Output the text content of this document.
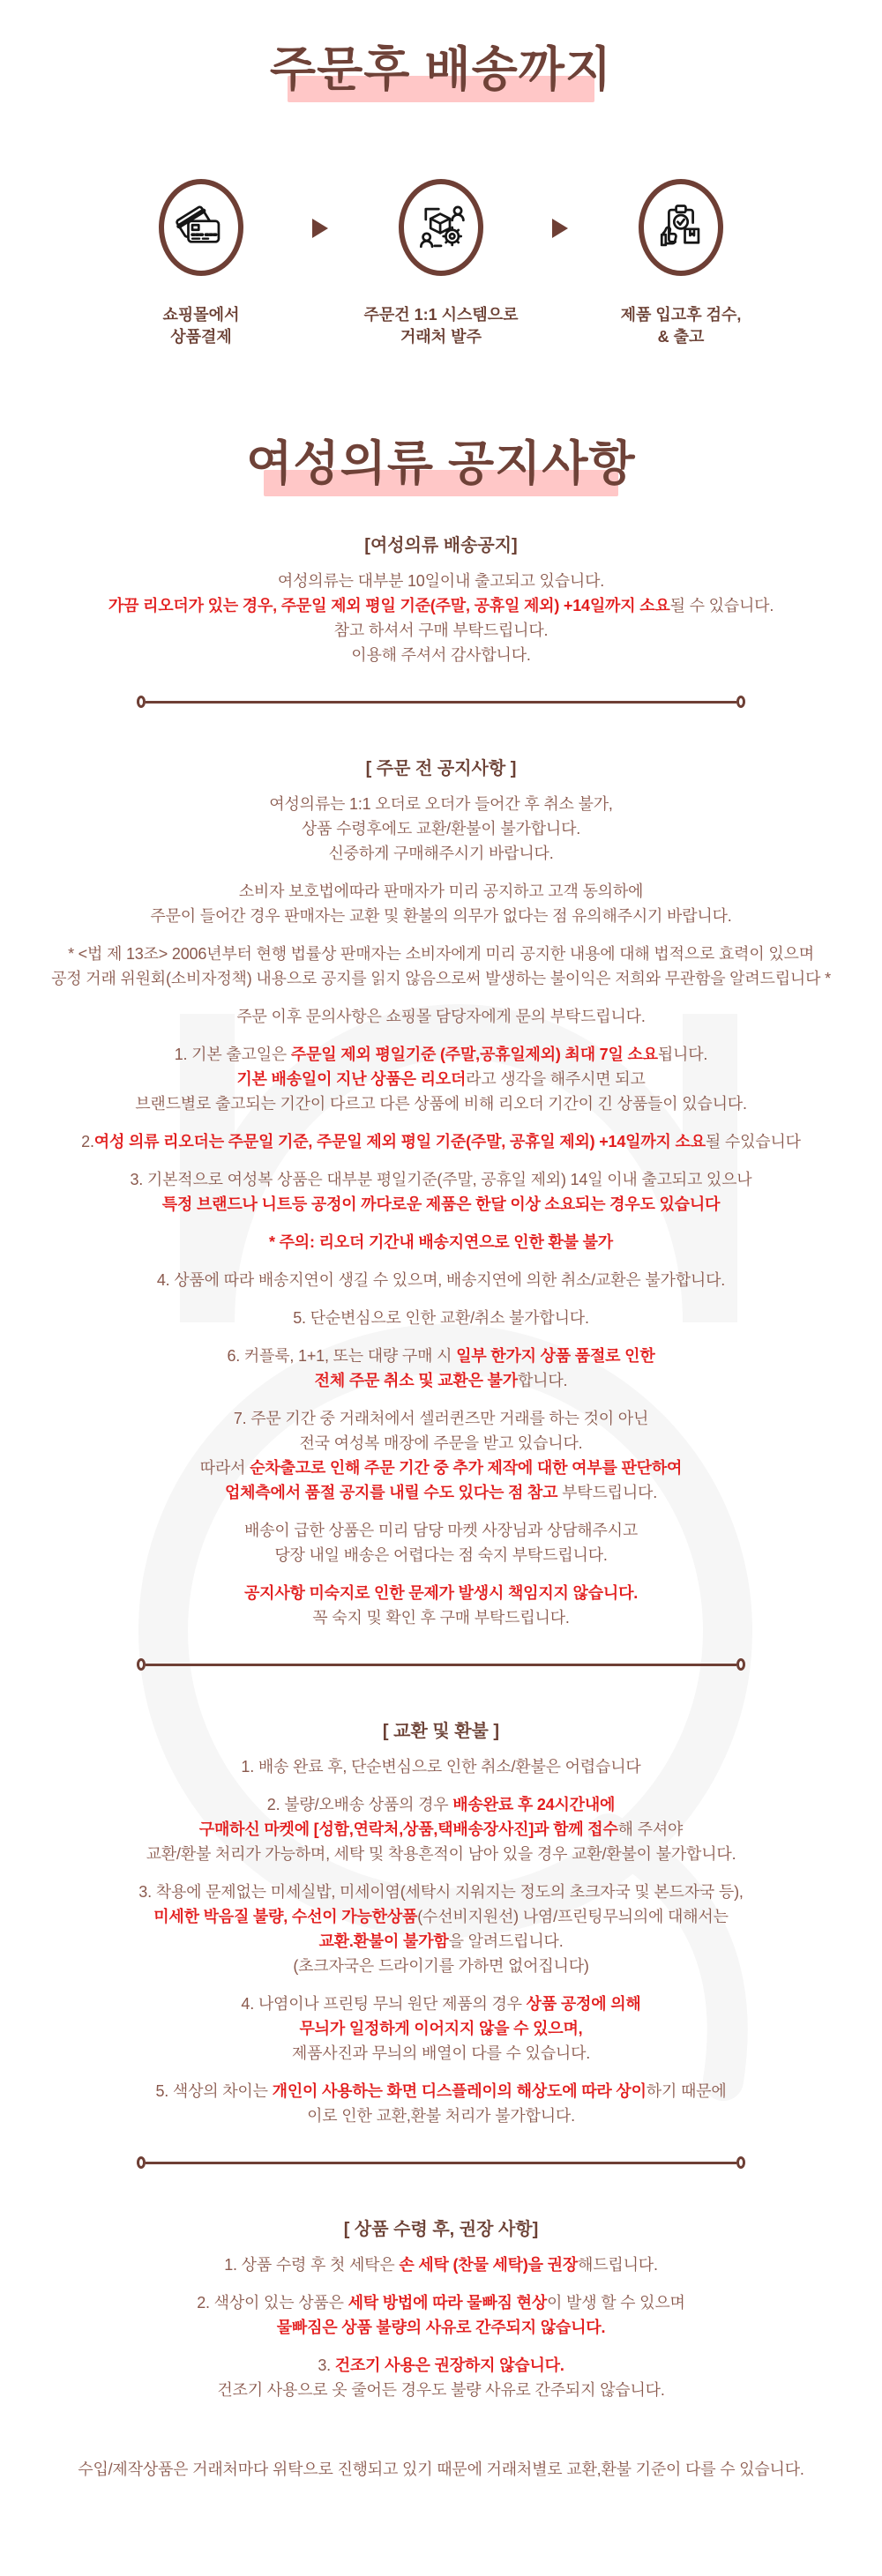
주문후 배송까지
쇼핑몰에서
상품결제
주문건 1:1 시스템으로
거래처 발주
제품 입고후 검수,
& 출고
여성의류 공지사항
[여성의류 배송공지]
여성의류는 대부분 10일이내 출고되고 있습니다.
가끔 리오더가 있는 경우, 주문일 제외 평일 기준(주말, 공휴일 제외) +14일까지 소요될 수 있습니다.
참고 하셔서 구매 부탁드립니다.
이용해 주셔서 감사합니다.
[ 주문 전 공지사항 ]
여성의류는 1:1 오더로 오더가 들어간 후 취소 불가,
상품 수령후에도 교환/환불이 불가합니다.
신중하게 구매해주시기 바랍니다.
소비자 보호법에따라 판매자가 미리 공지하고 고객 동의하에
주문이 들어간 경우 판매자는 교환 및 환불의 의무가 없다는 점 유의해주시기 바랍니다.
* <법 제 13조> 2006년부터 현행 법률상 판매자는 소비자에게 미리 공지한 내용에 대해 법적으로 효력이 있으며
공정 거래 위원회(소비자정책) 내용으로 공지를 읽지 않음으로써 발생하는 불이익은 저희와 무관함을 알려드립니다 *
주문 이후 문의사항은 쇼핑몰 담당자에게 문의 부탁드립니다.
1. 기본 출고일은 주문일 제외 평일기준 (주말,공휴일제외) 최대 7일 소요됩니다.
기본 배송일이 지난 상품은 리오더라고 생각을 해주시면 되고
브랜드별로 출고되는 기간이 다르고 다른 상품에 비해 리오더 기간이 긴 상품들이 있습니다.
2.여성 의류 리오더는 주문일 기준, 주문일 제외 평일 기준(주말, 공휴일 제외) +14일까지 소요될 수있습니다
3. 기본적으로 여성복 상품은 대부분 평일기준(주말, 공휴일 제외) 14일 이내 출고되고 있으나
특정 브랜드나 니트등 공정이 까다로운 제품은 한달 이상 소요되는 경우도 있습니다
* 주의: 리오더 기간내 배송지연으로 인한 환불 불가
4. 상품에 따라 배송지연이 생길 수 있으며, 배송지연에 의한 취소/교환은 불가합니다.
5. 단순변심으로 인한 교환/취소 불가합니다.
6. 커플룩, 1+1, 또는 대량 구매 시 일부 한가지 상품 품절로 인한
전체 주문 취소 및 교환은 불가합니다.
7. 주문 기간 중 거래처에서 셀러퀸즈만 거래를 하는 것이 아닌
전국 여성복 매장에 주문을 받고 있습니다.
따라서 순차출고로 인해 주문 기간 중 추가 제작에 대한 여부를 판단하여
업체측에서 품절 공지를 내릴 수도 있다는 점 참고 부탁드립니다.
배송이 급한 상품은 미리 담당 마켓 사장님과 상담해주시고
당장 내일 배송은 어렵다는 점 숙지 부탁드립니다.
공지사항 미숙지로 인한 문제가 발생시 책임지지 않습니다.
꼭 숙지 및 확인 후 구매 부탁드립니다.
[ 교환 및 환불 ]
1. 배송 완료 후, 단순변심으로 인한 취소/환불은 어렵습니다
2. 불량/오배송 상품의 경우 배송완료 후 24시간내에
구매하신 마켓에 [성함,연락처,상품,택배송장사진]과 함께 접수해 주셔야
교환/환불 처리가 가능하며, 세탁 및 착용흔적이 남아 있을 경우 교환/환불이 불가합니다.
3. 착용에 문제없는 미세실밥, 미세이염(세탁시 지워지는 정도의 초크자국 및 본드자국 등),
미세한 박음질 불량, 수선이 가능한상품(수선비지원선) 나염/프린팅무늬의에 대해서는
교환.환불이 불가함을 알려드립니다.
(초크자국은 드라이기를 가하면 없어집니다)
4. 나염이나 프린팅 무늬 원단 제품의 경우 상품 공정에 의해
무늬가 일정하게 이어지지 않을 수 있으며,
제품사진과 무늬의 배열이 다를 수 있습니다.
5. 색상의 차이는 개인이 사용하는 화면 디스플레이의 해상도에 따라 상이하기 때문에
이로 인한 교환,환불 처리가 불가합니다.
[ 상품 수령 후, 권장 사항]
1. 상품 수령 후 첫 세탁은 손 세탁 (찬물 세탁)을 권장해드립니다.
2. 색상이 있는 상품은 세탁 방법에 따라 물빠짐 현상이 발생 할 수 있으며
물빠짐은 상품 불량의 사유로 간주되지 않습니다.
3. 건조기 사용은 권장하지 않습니다.
건조기 사용으로 옷 줄어든 경우도 불량 사유로 간주되지 않습니다.

수입/제작상품은 거래처마다 위탁으로 진행되고 있기 때문에 거래처별로 교환,환불 기준이 다를 수 있습니다.
